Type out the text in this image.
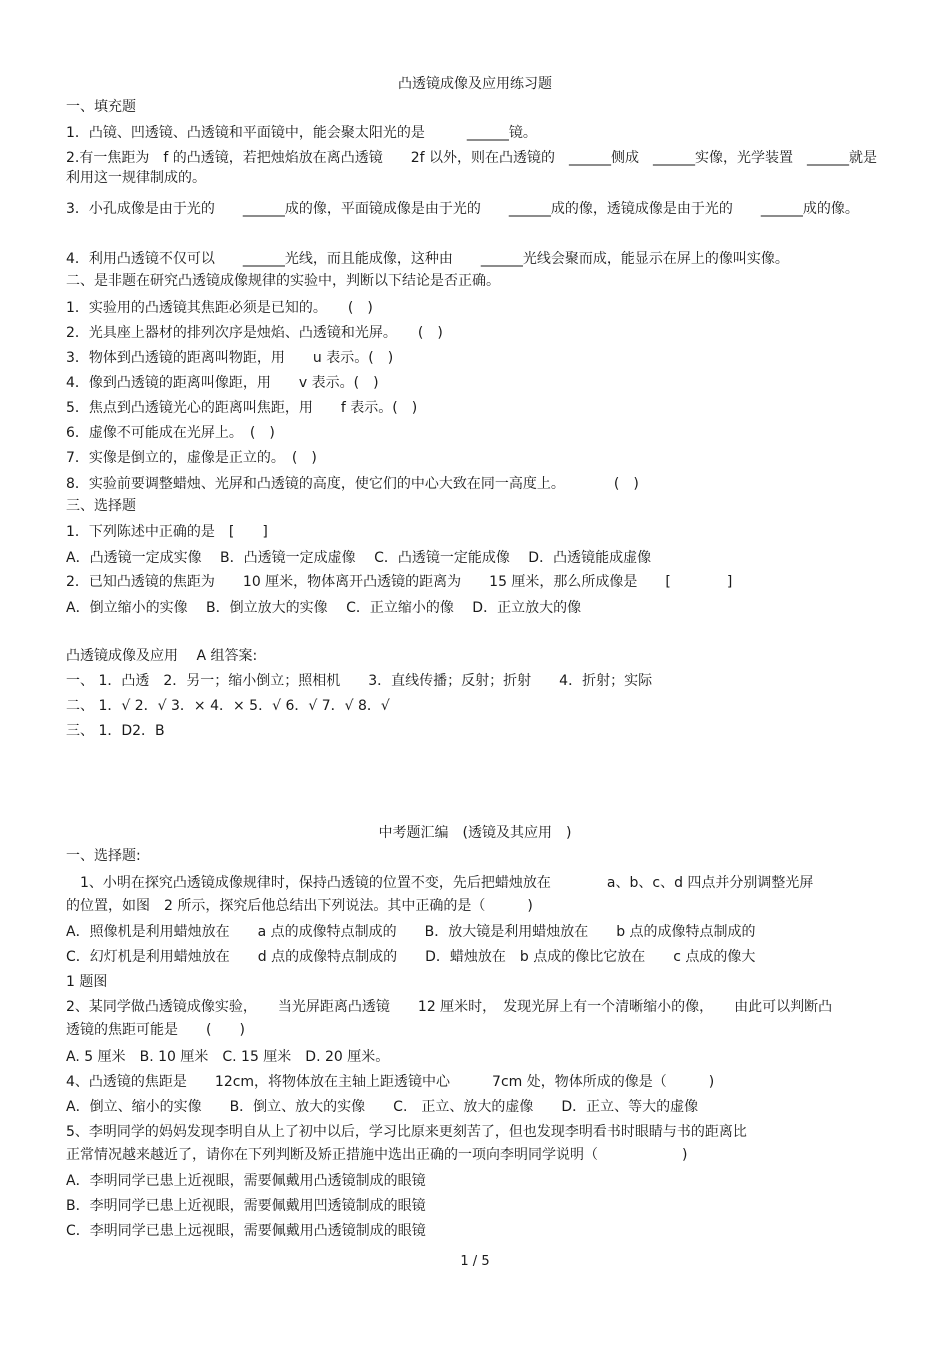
凸透镜成像及应用练习题
一、填充题
1．凸镜、凹透镜、凸透镜和平面镜中，能会聚太阳光的是　　　______镜。
2.有一焦距为　f 的凸透镜，若把烛焰放在离凸透镜　　2f 以外，则在凸透镜的　______侧成　______实像，光学装置　______就是利用这一规律制成的。
3．小孔成像是由于光的　　______成的像，平面镜成像是由于光的　　______成的像，透镜成像是由于光的　　______成的像。
4．利用凸透镜不仅可以　　______光线，而且能成像，这种由　　______光线会聚而成，能显示在屏上的像叫实像。
二、是非题在研究凸透镜成像规律的实验中，判断以下结论是否正确。
1．实验用的凸透镜其焦距必须是已知的。　　(　)
2．光具座上器材的排列次序是烛焰、凸透镜和光屏。　　(　)
3．物体到凸透镜的距离叫物距，用　　u 表示。(　)
4．像到凸透镜的距离叫像距，用　　v 表示。(　)
5．焦点到凸透镜光心的距离叫焦距，用　　f 表示。(　)
6．虚像不可能成在光屏上。　(　)
7．实像是倒立的，虚像是正立的。　(　)
8．实验前要调整蜡烛、光屏和凸透镜的高度，使它们的中心大致在同一高度上。　　　　(　)
三、选择题
1．下列陈述中正确的是　[　　]
A．凸透镜一定成实像　 B．凸透镜一定成虚像　 C．凸透镜一定能成像　 D．凸透镜能成虚像
2．已知凸透镜的焦距为　　10 厘米，物体离开凸透镜的距离为　　15 厘米，那么所成像是　　[　　　　]
A．倒立缩小的实像　 B．倒立放大的实像　 C．正立缩小的像　 D．正立放大的像
凸透镜成像及应用　 A 组答案:
一、 1．凸透　2．另一；缩小倒立；照相机　　3．直线传播；反射；折射　　4．折射；实际
二、 1．√ 2．√ 3．× 4．× 5．√ 6．√ 7．√ 8．√
三、 1．D2．B
中考题汇编　(透镜及其应用　)
一、选择题:
　1、小明在探究凸透镜成像规律时，保持凸透镜的位置不变，先后把蜡烛放在　　　　a、b、c、d 四点并分别调整光屏
的位置，如图　2 所示，探究后他总结出下列说法。其中正确的是（　　　)
A．照像机是利用蜡烛放在　　a 点的成像特点制成的　　B．放大镜是利用蜡烛放在　　b 点的成像特点制成的
C．幻灯机是利用蜡烛放在　　d 点的成像特点制成的　　D．蜡烛放在　b 点成的像比它放在　　c 点成的像大
1 题图
2、某同学做凸透镜成像实验，　　当光屏距离凸透镜　　12 厘米时，　发现光屏上有一个清晰缩小的像，　　由此可以判断凸
透镜的焦距可能是　　(　　)
A. 5 厘米　B. 10 厘米　C. 15 厘米　D. 20 厘米。
4、凸透镜的焦距是　　12cm，将物体放在主轴上距透镜中心　　　7cm 处，物体所成的像是（　　　)
A．倒立、缩小的实像　　B．倒立、放大的实像　　C.　正立、放大的虚像　　D．正立、等大的虚像
5、李明同学的妈妈发现李明自从上了初中以后，学习比原来更刻苦了，但也发现李明看书时眼睛与书的距离比
正常情况越来越近了，请你在下列判断及矫正措施中选出正确的一项向李明同学说明（　　　　　　)
A．李明同学已患上近视眼，需要佩戴用凸透镜制成的眼镜
B．李明同学已患上近视眼，需要佩戴用凹透镜制成的眼镜
C．李明同学已患上远视眼，需要佩戴用凸透镜制成的眼镜
1 / 5
